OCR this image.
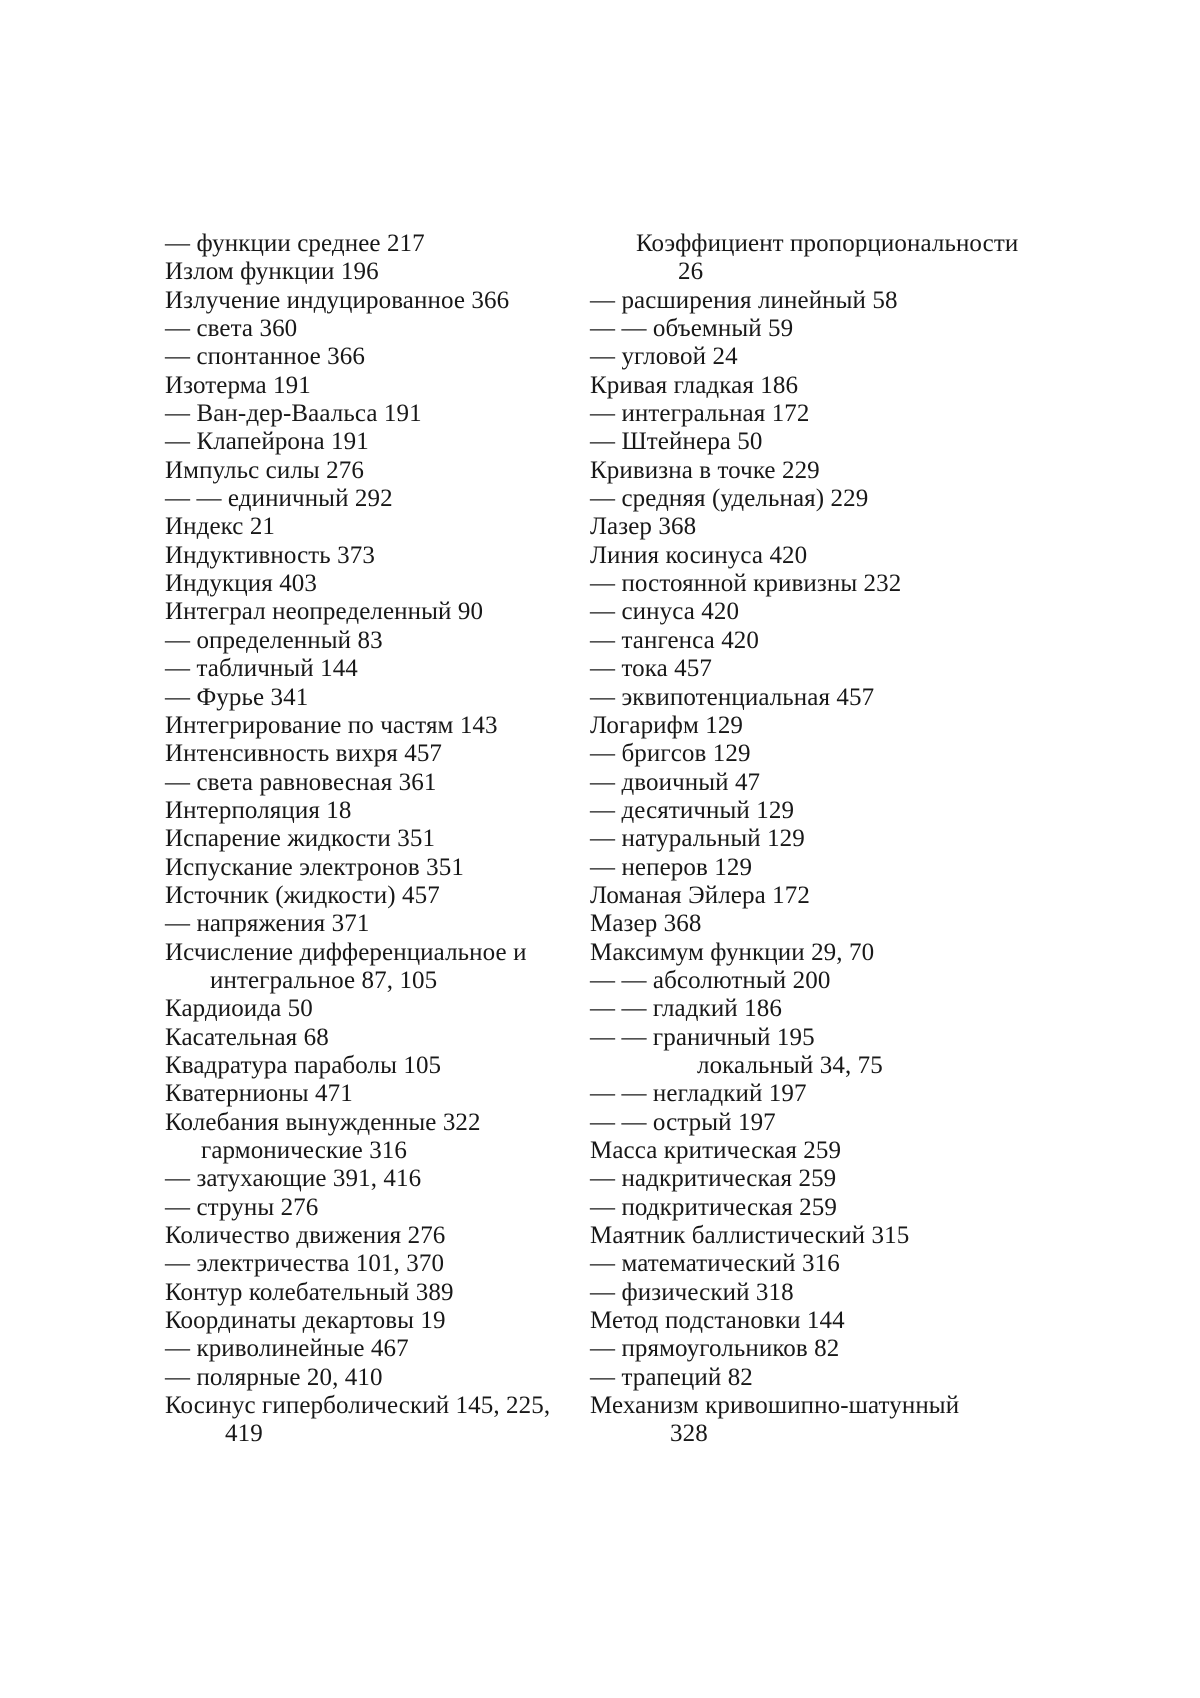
— функции среднее 217
Излом функции 196
Излучение индуцированное 366
— света 360
— спонтанное 366
Изотерма 191
— Ван-дер-Ваальса 191
— Клапейрона 191
Импульс силы 276
— — единичный 292
Индекс 21
Индуктивность 373
Индукция 403
Интеграл неопределенный 90
— определенный 83
— табличный 144
— Фурье 341
Интегрирование по частям 143
Интенсивность вихря 457
— света равновесная 361
Интерполяция 18
Испарение жидкости 351
Испускание электронов 351
Источник (жидкости) 457
— напряжения 371
Исчисление дифференциальное и
интегральное 87, 105
Кардиоида 50
Касательная 68
Квадратура параболы 105
Кватернионы 471
Колебания вынужденные 322
гармонические 316
— затухающие 391, 416
— струны 276
Количество движения 276
— электричества 101, 370
Контур колебательный 389
Координаты декартовы 19
— криволинейные 467
— полярные 20, 410
Косинус гиперболический 145, 225,
419
Коэффициент пропорциональности
26
— расширения линейный 58
— — объемный 59
— угловой 24
Кривая гладкая 186
— интегральная 172
— Штейнера 50
Кривизна в точке 229
— средняя (удельная) 229
Лазер 368
Линия косинуса 420
— постоянной кривизны 232
— синуса 420
— тангенса 420
— тока 457
— эквипотенциальная 457
Логарифм 129
— бригсов 129
— двоичный 47
— десятичный 129
— натуральный 129
— неперов 129
Ломаная Эйлера 172
Мазер 368
Максимум функции 29, 70
— — абсолютный 200
— — гладкий 186
— — граничный 195
локальный 34, 75
— — негладкий 197
— — острый 197
Масса критическая 259
— надкритическая 259
— подкритическая 259
Маятник баллистический 315
— математический 316
— физический 318
Метод подстановки 144
— прямоугольников 82
— трапеций 82
Механизм кривошипно-шатунный
328
